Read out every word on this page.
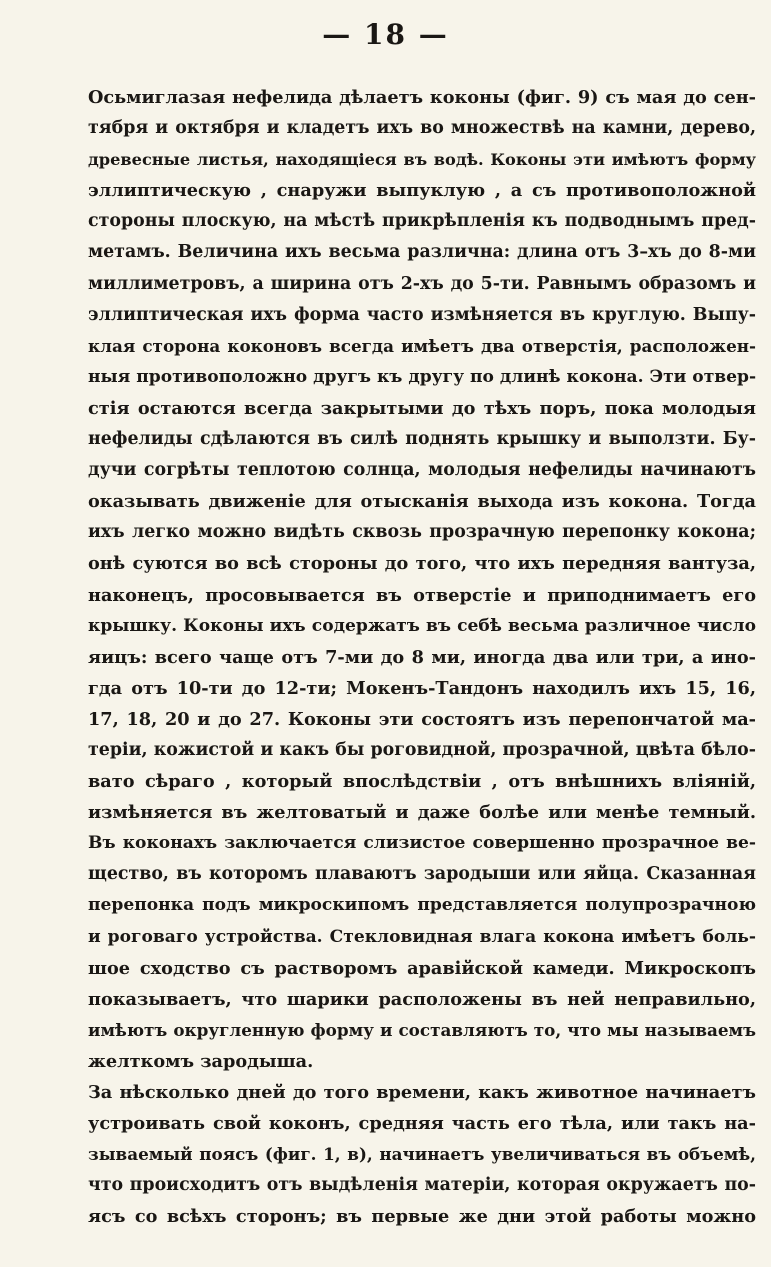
— 18 —
Осьмиглазая нефелида дѣлаетъ коконы (фиг. 9) съ мая до сен-
тября и октября и кладетъ ихъ во множествѣ на камни, дерево,
древесные листья, находящіеся въ водѣ. Коконы эти имѣютъ форму
эллиптическую , снаружи выпуклую , а съ противоположной
стороны плоскую, на мѣстѣ прикрѣпленія къ подводнымъ пред-
метамъ. Величина ихъ весьма различна: длина отъ 3–хъ до 8-ми
миллиметровъ, а ширина отъ 2-хъ до 5-ти. Равнымъ образомъ и
эллиптическая ихъ форма часто измѣняется въ круглую. Выпу-
клая сторона коконовъ всегда имѣетъ два отверстія, расположен-
ныя противоположно другъ къ другу по длинѣ кокона. Эти отвер-
стія остаются всегда закрытыми до тѣхъ поръ, пока молодыя
нефелиды сдѣлаются въ силѣ поднять крышку и выползти. Бу-
дучи согрѣты теплотою солнца, молодыя нефелиды начинаютъ
оказывать движеніе для отысканія выхода изъ кокона. Тогда
ихъ легко можно видѣть сквозь прозрачную перепонку кокона;
онѣ суются во всѣ стороны до того, что ихъ передняя вантуза,
наконецъ, просовывается въ отверстіе и приподнимаетъ его
крышку. Коконы ихъ содержатъ въ себѣ весьма различное число
яицъ: всего чаще отъ 7-ми до 8 ми, иногда два или три, а ино-
гда отъ 10-ти до 12-ти; Мокенъ-Тандонъ находилъ ихъ 15, 16,
17, 18, 20 и до 27. Коконы эти состоятъ изъ перепончатой ма-
теріи, кожистой и какъ бы роговидной, прозрачной, цвѣта бѣло-
вато сѣраго , который впослѣдствіи , отъ внѣшнихъ вліяній,
измѣняется въ желтоватый и даже болѣе или менѣе темный.
Въ коконахъ заключается слизистое совершенно прозрачное ве-
щество, въ которомъ плаваютъ зародыши или яйца. Сказанная
перепонка подъ микроскипомъ представляется полупрозрачною
и роговаго устройства. Стекловидная влага кокона имѣетъ боль-
шое сходство съ растворомъ аравійской камеди. Микроскопъ
показываетъ, что шарики расположены въ ней неправильно,
имѣютъ округленную форму и составляютъ то, что мы называемъ
желткомъ зародыша.
За нѣсколько дней до того времени, какъ животное начинаетъ
устроивать свой коконъ, средняя часть его тѣла, или такъ на-
зываемый поясъ (фиг. 1, в), начинаетъ увеличиваться въ объемѣ,
что происходитъ отъ выдѣленія матеріи, которая окружаетъ по-
ясъ со всѣхъ сторонъ; въ первые же дни этой работы можно
